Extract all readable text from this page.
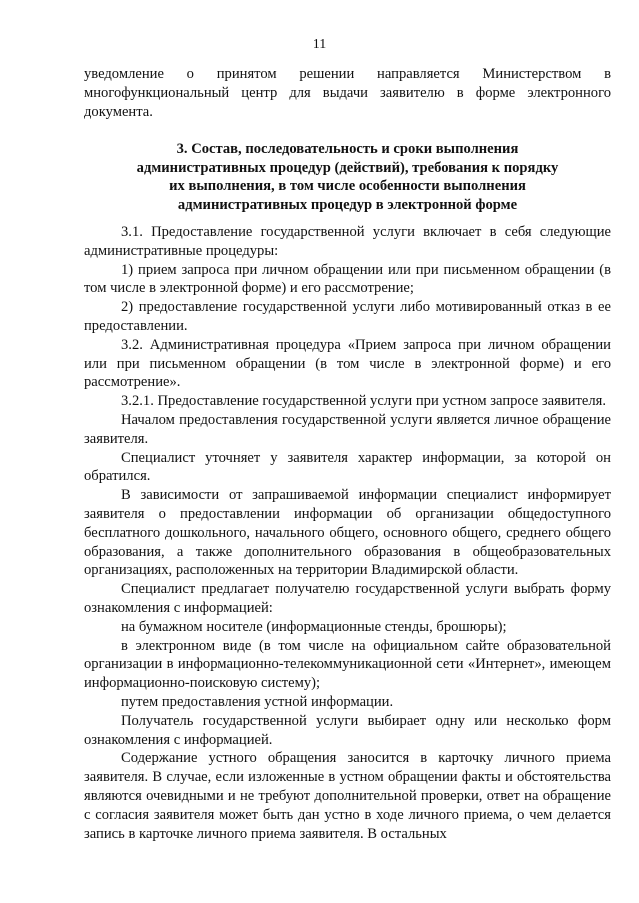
11

уведомление о принятом решении направляется Министерством в многофункциональный центр для выдачи заявителю в форме электронного документа.

3. Состав, последовательность и сроки выполнения
административных процедур (действий), требования к порядку
их выполнения, в том числе особенности выполнения
административных процедур в электронной форме

3.1. Предоставление государственной услуги включает в себя следующие административные процедуры:

1) прием запроса при личном обращении или при письменном обращении (в том числе в электронной форме) и его рассмотрение;

2) предоставление государственной услуги либо мотивированный отказ в ее предоставлении.

3.2. Административная процедура «Прием запроса при личном обращении или при письменном обращении (в том числе в электронной форме) и его рассмотрение».

3.2.1. Предоставление государственной услуги при устном запросе заявителя.

Началом предоставления государственной услуги является личное обращение заявителя.

Специалист уточняет у заявителя характер информации, за которой он обратился.

В зависимости от запрашиваемой информации специалист информирует заявителя о предоставлении информации об организации общедоступного бесплатного дошкольного, начального общего, основного общего, среднего общего образования, а также дополнительного образования в общеобразовательных организациях, расположенных на территории Владимирской области.

Специалист предлагает получателю государственной услуги выбрать форму ознакомления с информацией:

на бумажном носителе (информационные стенды, брошюры);

в электронном виде (в том числе на официальном сайте образовательной организации в информационно-телекоммуникационной сети «Интернет», имеющем информационно-поисковую систему);

путем предоставления устной информации.

Получатель государственной услуги выбирает одну или несколько форм ознакомления с информацией.

Содержание устного обращения заносится в карточку личного приема заявителя. В случае, если изложенные в устном обращении факты и обстоятельства являются очевидными и не требуют дополнительной проверки, ответ на обращение с согласия заявителя может быть дан устно в ходе личного приема, о чем делается запись в карточке личного приема заявителя. В остальных
